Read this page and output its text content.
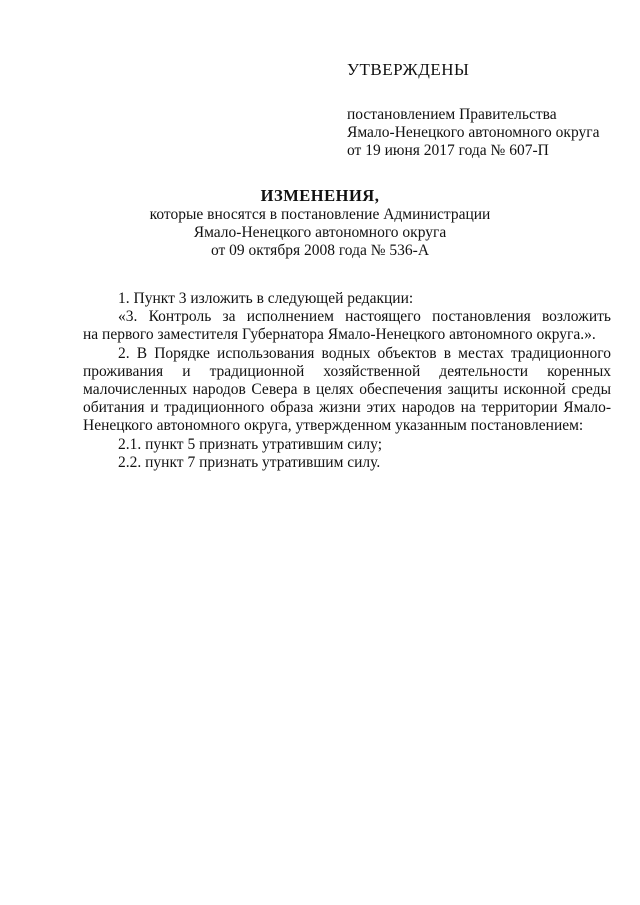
УТВЕРЖДЕНЫ

постановлением Правительства

Ямало-Ненецкого автономного округа

от 19 июня 2017 года № 607-П

ИЗМЕНЕНИЯ,

которые вносятся в постановление Администрации

Ямало-Ненецкого автономного округа

от 09 октября 2008 года № 536-А

1. Пункт 3 изложить в следующей редакции:

«3. Контроль за исполнением настоящего постановления возложить
на первого заместителя Губернатора Ямало-Ненецкого автономного округа.».
2. В Порядке использования водных объектов в местах традиционного
проживания и традиционной хозяйственной деятельности коренных
малочисленных народов Севера в целях обеспечения защиты исконной среды
обитания и традиционного образа жизни этих народов на территории Ямало-
Ненецкого автономного округа, утвержденном указанным постановлением:

2.1. пункт 5 признать утратившим силу;

2.2. пункт 7 признать утратившим силу.
